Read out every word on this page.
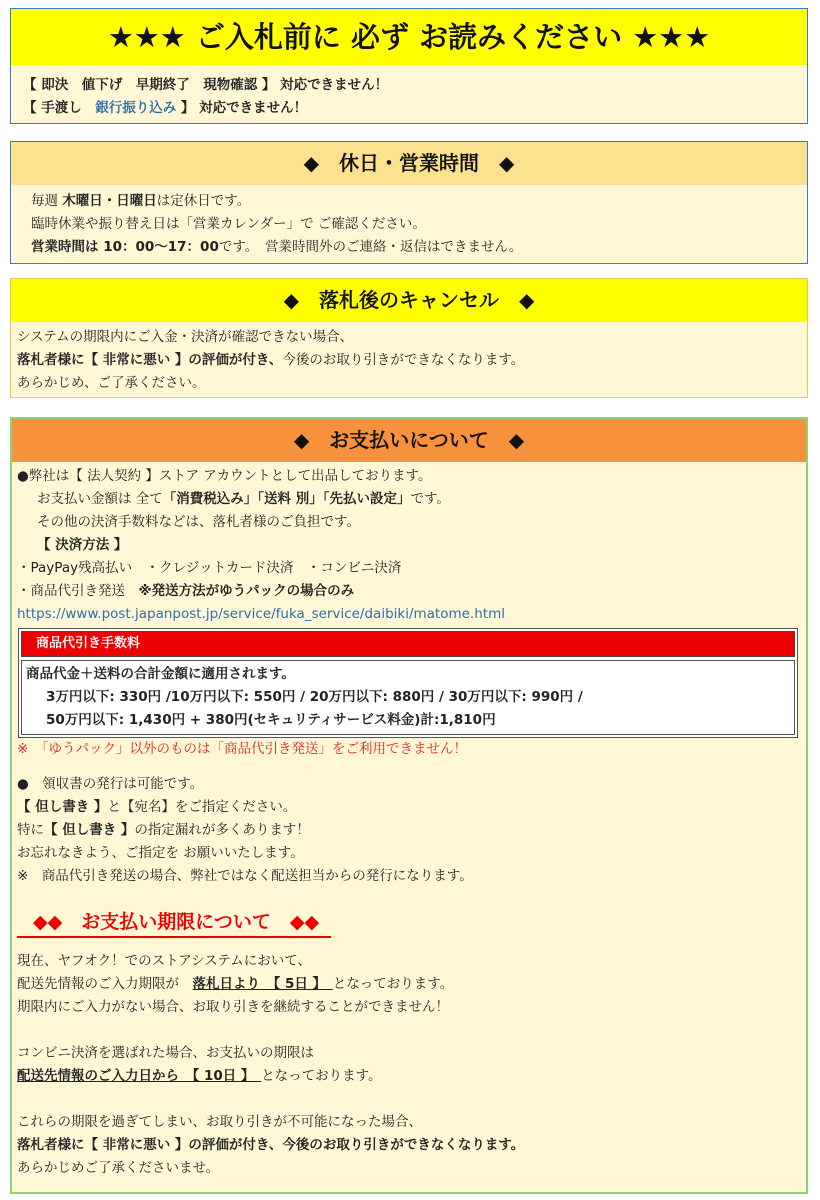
★★★ ご入札前に 必ず お読みください ★★★
【 即決　値下げ　早期終了　現物確認 】 対応できません！
【 手渡し　銀行振り込み 】 対応できません！
◆　休日・営業時間　◆
毎週 木曜日・日曜日は定休日です。
臨時休業や振り替え日は「営業カレンダー」で ご確認ください。
営業時間は 10：00〜17：00です。　営業時間外のご連絡・返信はできません。
◆　落札後のキャンセル　◆
システムの期限内にご入金・決済が確認できない場合、
落札者様に【 非常に悪い 】の評価が付き、今後のお取り引きができなくなります。
あらかじめ、ご了承ください。
◆　お支払いについて　◆
●弊社は【 法人契約 】ストア アカウントとして出品しております。
お支払い金額は 全て「消費税込み」「送料 別」「先払い設定」です。
その他の決済手数料などは、落札者様のご負担です。
【 決済方法 】
・PayPay残高払い　・クレジットカード決済　・コンビニ決済
・商品代引き発送　※発送方法がゆうパックの場合のみ
https://www.post.japanpost.jp/service/fuka_service/daibiki/matome.html
商品代引き手数料
商品代金＋送料の合計金額に適用されます。
3万円以下: 330円 /10万円以下: 550円 / 20万円以下: 880円 / 30万円以下: 990円 /
50万円以下: 1,430円 + 380円(セキュリティサービス料金)計:1,810円
※　「ゆうパック」以外のものは「商品代引き発送」をご利用できません！
●　領収書の発行は可能です。
【 但し書き 】と【宛名】をご指定ください。
特に【 但し書き 】の指定漏れが多くあります！
お忘れなきよう、ご指定を お願いいたします。
※　商品代引き発送の場合、弊社ではなく配送担当からの発行になります。
◆◆　お支払い期限について　◆◆
現在、ヤフオク！でのストアシステムにおいて、
配送先情報のご入力期限が　落札日より　【 5日 】　となっております。
期限内にご入力がない場合、お取り引きを継続することができません！
コンビニ決済を選ばれた場合、お支払いの期限は
配送先情報のご入力日から　【 10日 】　となっております。
これらの期限を過ぎてしまい、お取り引きが不可能になった場合、
落札者様に【 非常に悪い 】の評価が付き、今後のお取り引きができなくなります。
あらかじめご了承くださいませ。
